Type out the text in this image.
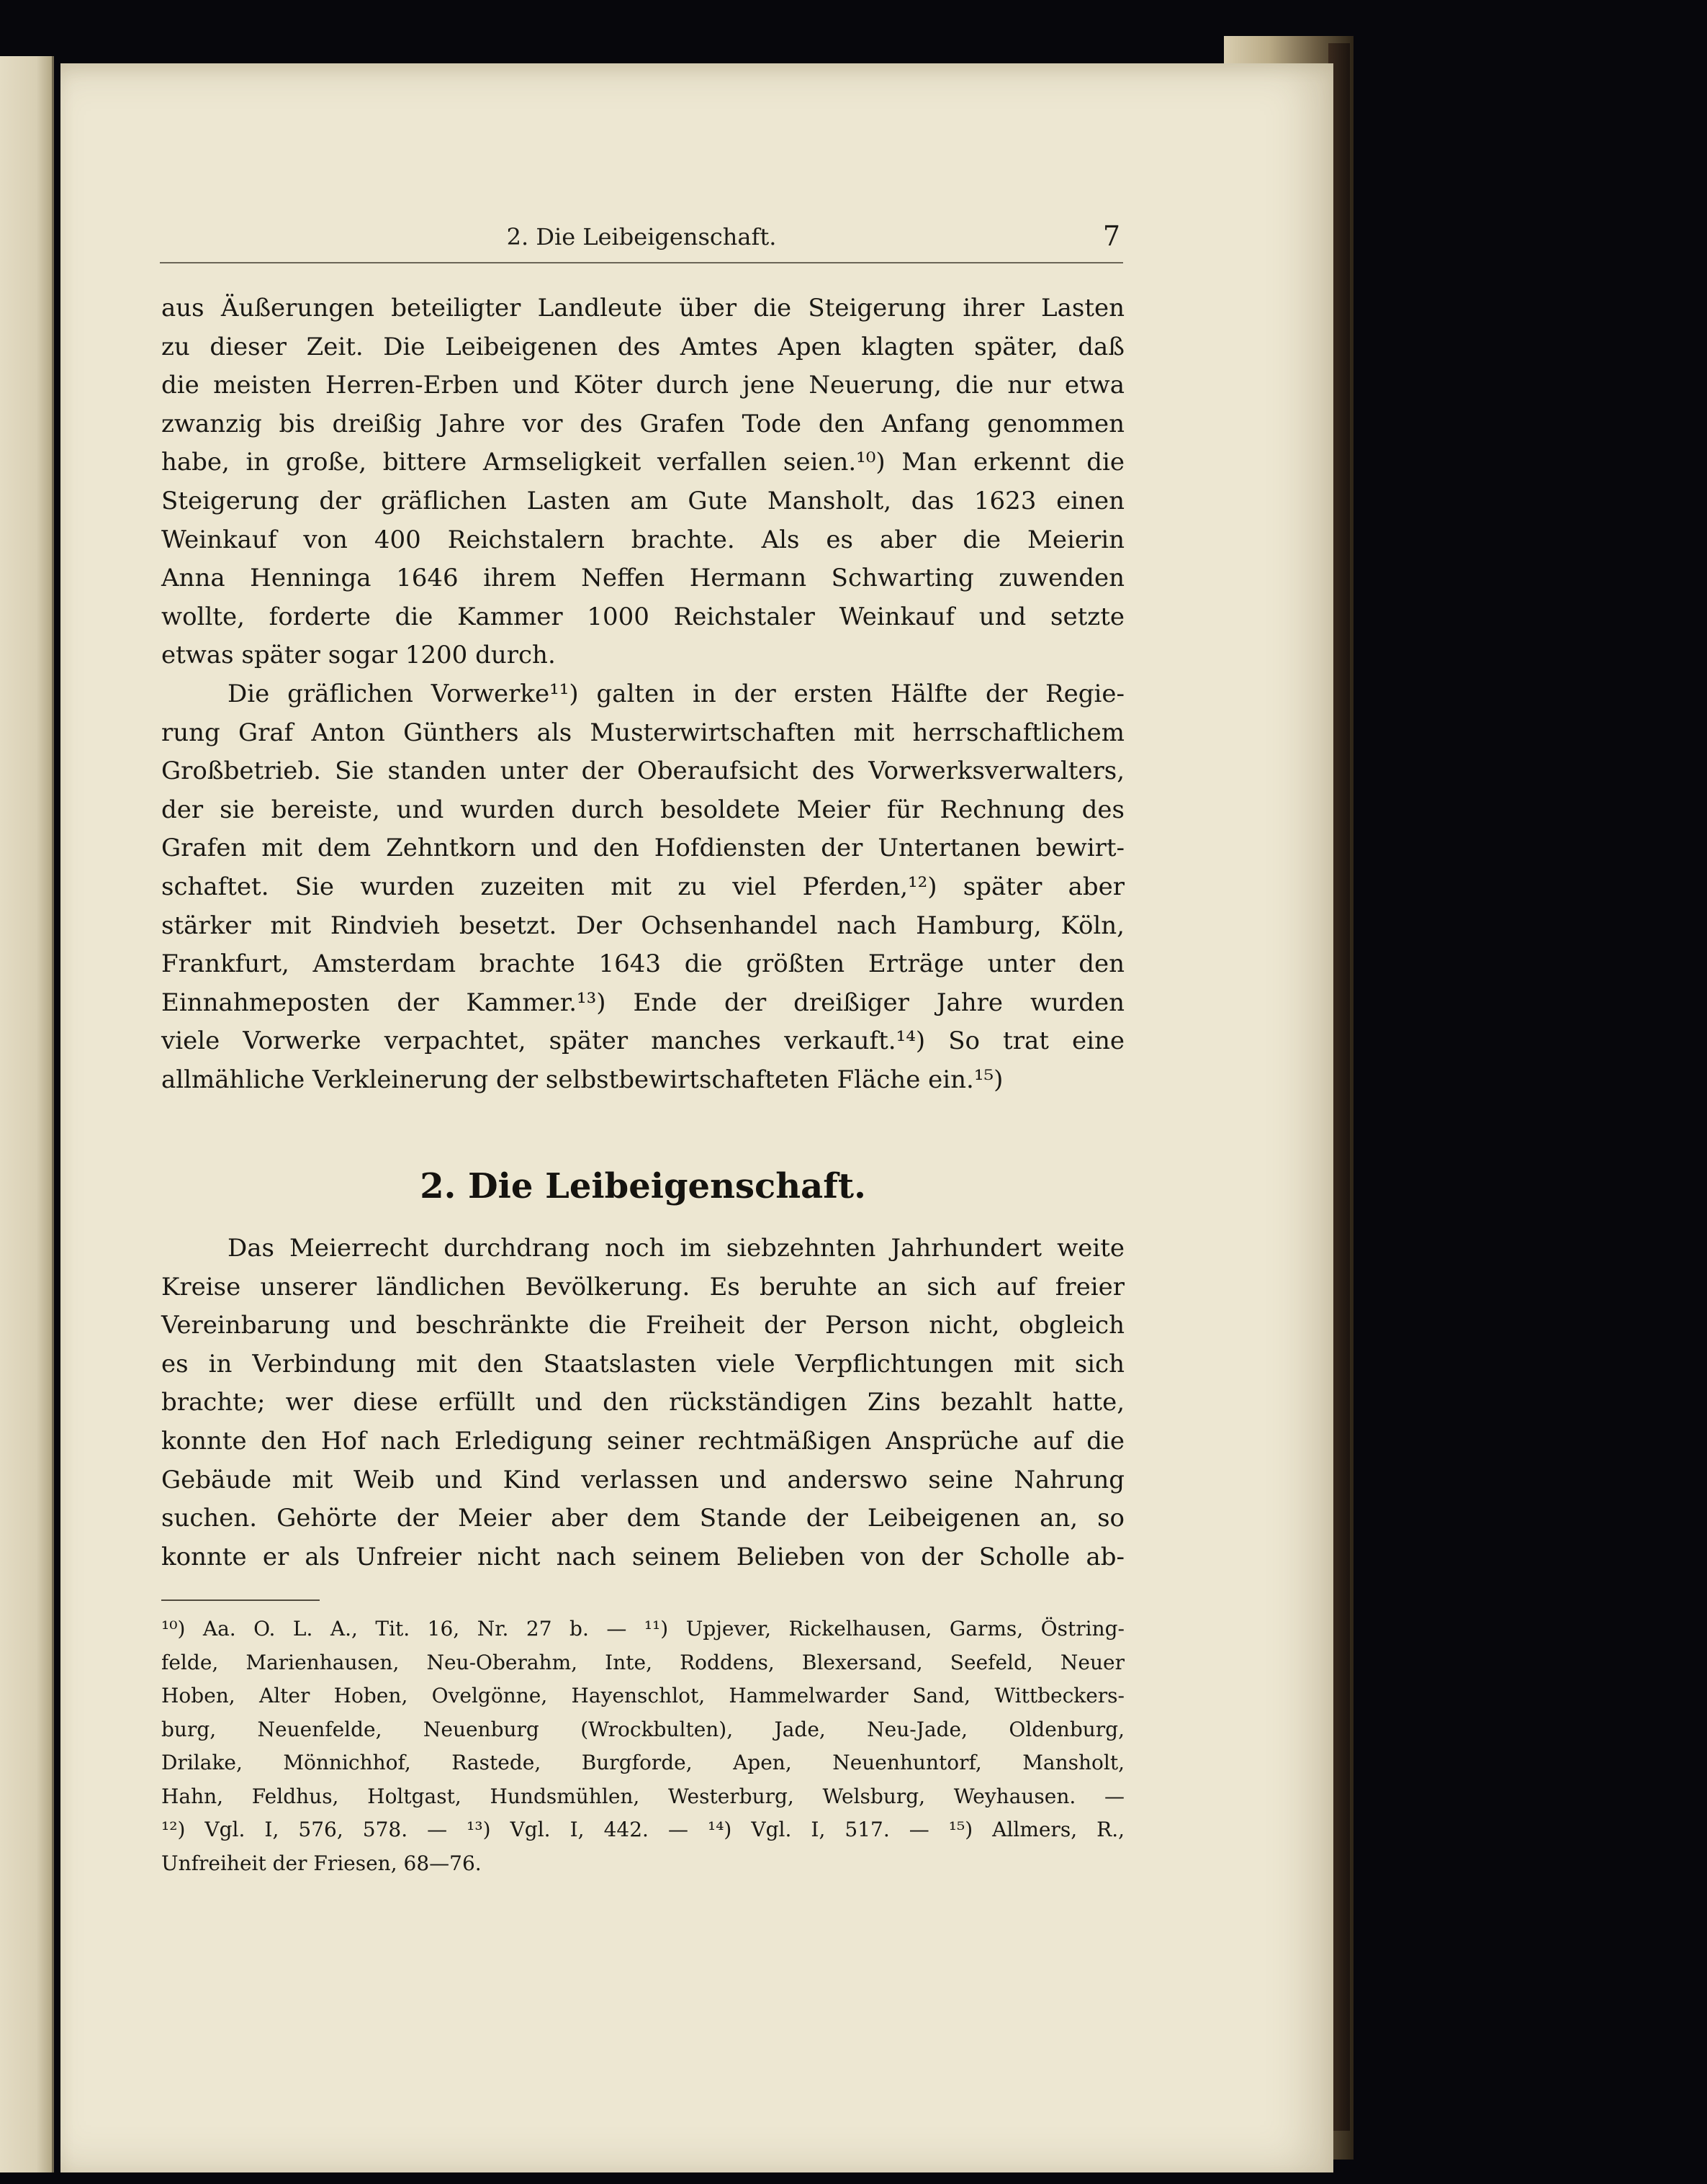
2. Die Leibeigenschaft.	7
aus Äußerungen beteiligter Landleute über die Steigerung ihrer Lasten
zu dieser Zeit. Die Leibeigenen des Amtes Apen klagten später, daß
die meisten Herren-Erben und Köter durch jene Neuerung, die nur etwa
zwanzig bis dreißig Jahre vor des Grafen Tode den Anfang genommen
habe, in große, bittere Armseligkeit verfallen seien.¹⁰) Man erkennt die
Steigerung der gräflichen Lasten am Gute Mansholt, das 1623 einen
Weinkauf von 400 Reichstalern brachte. Als es aber die Meierin
Anna Henninga 1646 ihrem Neffen Hermann Schwarting zuwenden
wollte, forderte die Kammer 1000 Reichstaler Weinkauf und setzte
etwas später sogar 1200 durch.
Die gräflichen Vorwerke¹¹) galten in der ersten Hälfte der Regie-
rung Graf Anton Günthers als Musterwirtschaften mit herrschaftlichem
Großbetrieb. Sie standen unter der Oberaufsicht des Vorwerksverwalters,
der sie bereiste, und wurden durch besoldete Meier für Rechnung des
Grafen mit dem Zehntkorn und den Hofdiensten der Untertanen bewirt-
schaftet. Sie wurden zuzeiten mit zu viel Pferden,¹²) später aber
stärker mit Rindvieh besetzt. Der Ochsenhandel nach Hamburg, Köln,
Frankfurt, Amsterdam brachte 1643 die größten Erträge unter den
Einnahmeposten der Kammer.¹³) Ende der dreißiger Jahre wurden
viele Vorwerke verpachtet, später manches verkauft.¹⁴) So trat eine
allmähliche Verkleinerung der selbstbewirtschafteten Fläche ein.¹⁵)
2. Die Leibeigenschaft.
Das Meierrecht durchdrang noch im siebzehnten Jahrhundert weite
Kreise unserer ländlichen Bevölkerung. Es beruhte an sich auf freier
Vereinbarung und beschränkte die Freiheit der Person nicht, obgleich
es in Verbindung mit den Staatslasten viele Verpflichtungen mit sich
brachte; wer diese erfüllt und den rückständigen Zins bezahlt hatte,
konnte den Hof nach Erledigung seiner rechtmäßigen Ansprüche auf die
Gebäude mit Weib und Kind verlassen und anderswo seine Nahrung
suchen. Gehörte der Meier aber dem Stande der Leibeigenen an, so
konnte er als Unfreier nicht nach seinem Belieben von der Scholle ab-
¹⁰) Aa. O. L. A., Tit. 16, Nr. 27 b. — ¹¹) Upjever, Rickelhausen, Garms, Östring-
felde, Marienhausen, Neu-Oberahm, Inte, Roddens, Blexersand, Seefeld, Neuer
Hoben, Alter Hoben, Ovelgönne, Hayenschlot, Hammelwarder Sand, Wittbeckers-
burg, Neuenfelde, Neuenburg (Wrockbulten), Jade, Neu-Jade, Oldenburg,
Drilake, Mönnichhof, Rastede, Burgforde, Apen, Neuenhuntorf, Mansholt,
Hahn, Feldhus, Holtgast, Hundsmühlen, Westerburg, Welsburg, Weyhausen. —
¹²) Vgl. I, 576, 578. — ¹³) Vgl. I, 442. — ¹⁴) Vgl. I, 517. — ¹⁵) Allmers, R.,
Unfreiheit der Friesen, 68—76.
